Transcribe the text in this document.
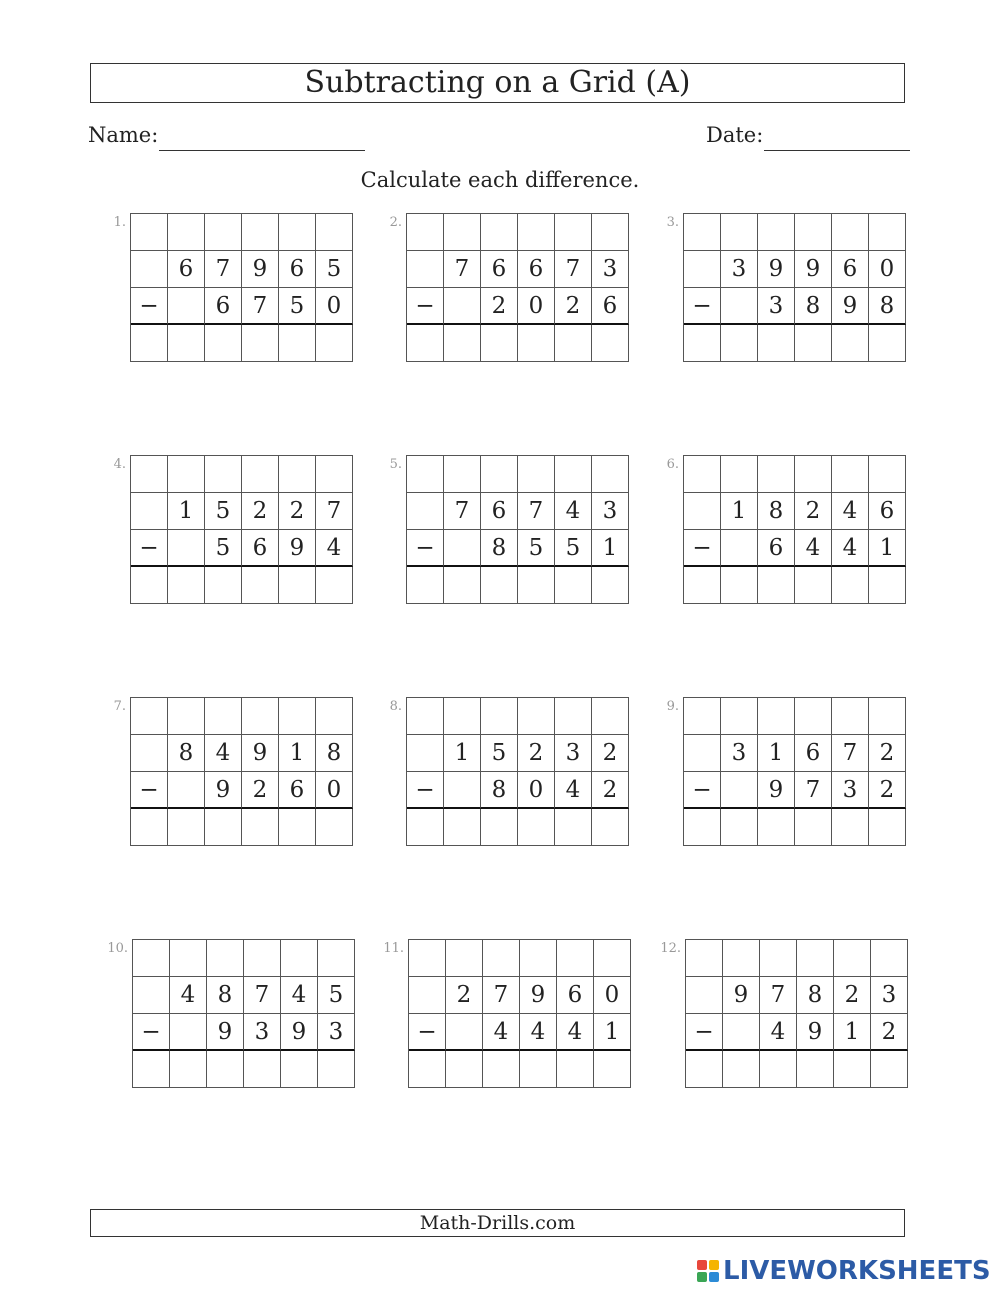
Subtracting on a Grid (A)
Name:	Date:
Calculate each difference.
1.
6 7 9 6 5
−	6 7 5 0
2.
7 6 6 7 3
−	2 0 2 6
3.
3 9 9 6 0
−	3 8 9 8
4.
1 5 2 2 7
−	5 6 9 4
5.
7 6 7 4 3
−	8 5 5 1
6.
1 8 2 4 6
−	6 4 4 1
7.
8 4 9 1 8
−	9 2 6 0
8.
1 5 2 3 2
−	8 0 4 2
9.
3 1 6 7 2
−	9 7 3 2
10.
4 8 7 4 5
−	9 3 9 3
11.
2 7 9 6 0
−	4 4 4 1
12.
9 7 8 2 3
−	4 9 1 2
Math-Drills.com
LIVEWORKSHEETS
